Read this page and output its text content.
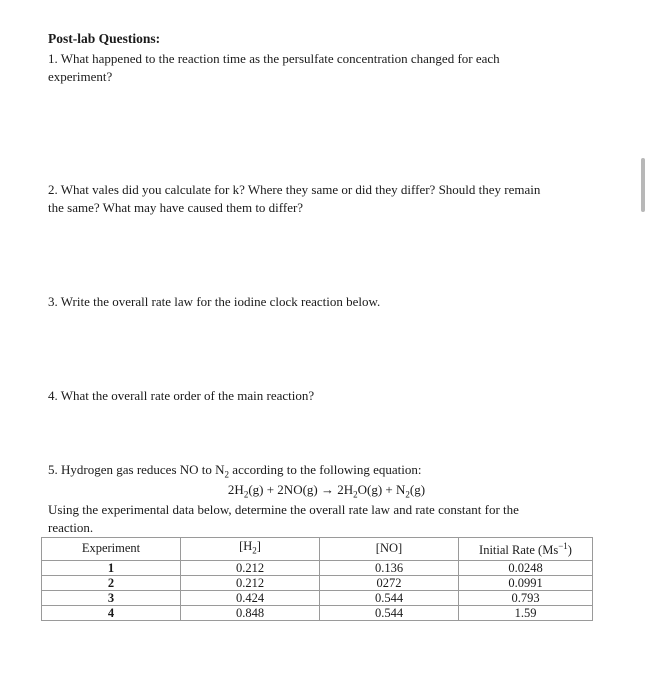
Post-lab Questions:
1. What happened to the reaction time as the persulfate concentration changed for each
experiment?
2. What vales did you calculate for k? Where they same or did they differ? Should they remain
the same? What may have caused them to differ?
3. Write the overall rate law for the iodine clock reaction below.
4. What the overall rate order of the main reaction?
5. Hydrogen gas reduces NO to $N_2$ according to the following equation:
$2H_2(g) + 2NO(g) \to 2H_2O(g) + N_2(g)$
Using the experimental data below, determine the overall rate law and rate constant for the
reaction.
Experiment	$[H_2]$	[NO]	Initial Rate $(Ms^{-1})$
1	0.212	0.136	0.0248
2	0.212	0272	0.0991
3	0.424	0.544	0.793
4	0.848	0.544	1.59
